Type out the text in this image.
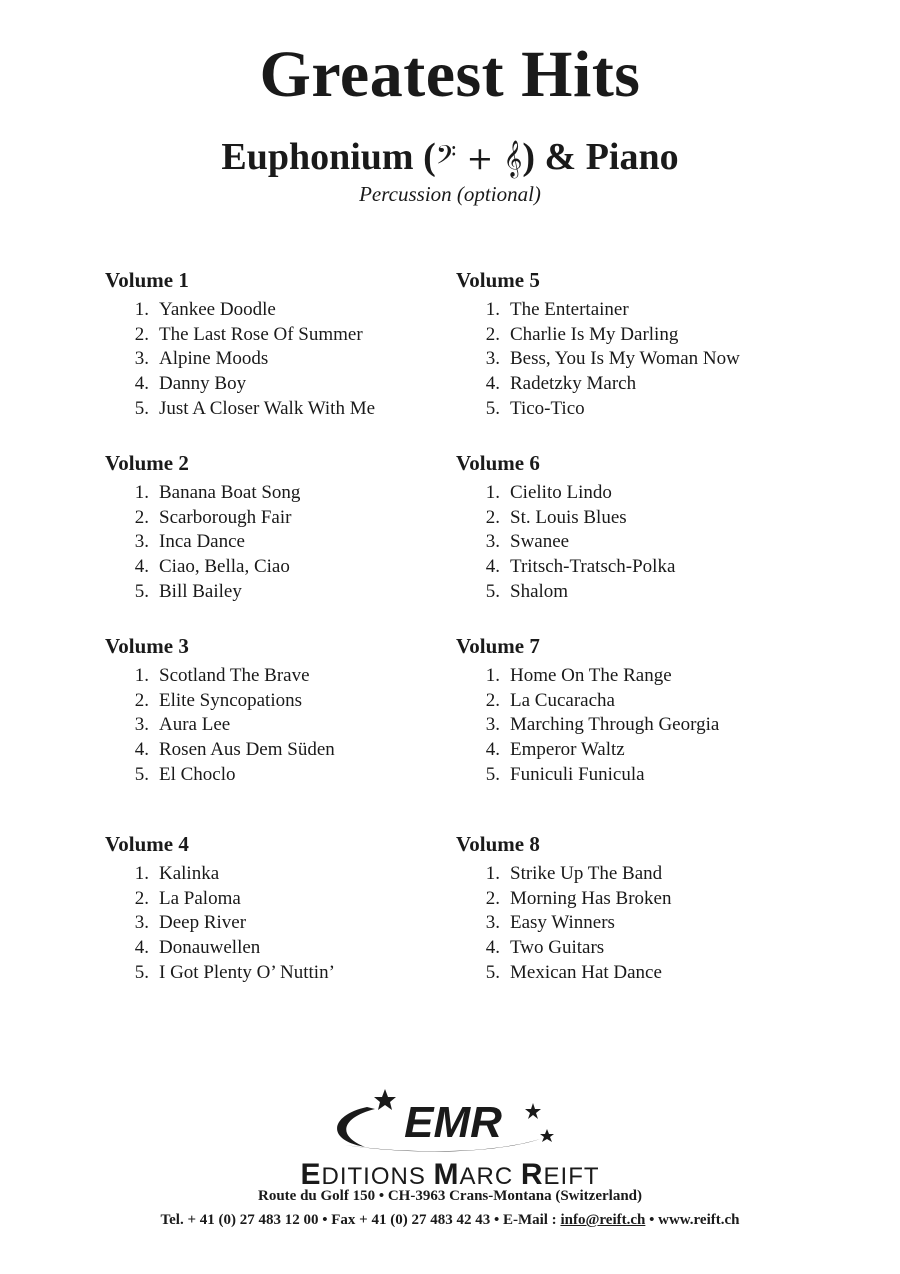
Greatest Hits
Euphonium (𝄢 + 𝄞) & Piano
Percussion (optional)
Volume 1
1. Yankee Doodle
2. The Last Rose Of Summer
3. Alpine Moods
4. Danny Boy
5. Just A Closer Walk With Me
Volume 2
1. Banana Boat Song
2. Scarborough Fair
3. Inca Dance
4. Ciao, Bella, Ciao
5. Bill Bailey
Volume 3
1. Scotland The Brave
2. Elite Syncopations
3. Aura Lee
4. Rosen Aus Dem Süden
5. El Choclo
Volume 4
1. Kalinka
2. La Paloma
3. Deep River
4. Donauwellen
5. I Got Plenty O’ Nuttin’
Volume 5
1. The Entertainer
2. Charlie Is My Darling
3. Bess, You Is My Woman Now
4. Radetzky March
5. Tico-Tico
Volume 6
1. Cielito Lindo
2. St. Louis Blues
3. Swanee
4. Tritsch-Tratsch-Polka
5. Shalom
Volume 7
1. Home On The Range
2. La Cucaracha
3. Marching Through Georgia
4. Emperor Waltz
5. Funiculi Funicula
Volume 8
1. Strike Up The Band
2. Morning Has Broken
3. Easy Winners
4. Two Guitars
5. Mexican Hat Dance
EMR
EDITIONS MARC REIFT
Route du Golf 150 • CH-3963 Crans-Montana (Switzerland)
Tel. + 41 (0) 27 483 12 00 • Fax + 41 (0) 27 483 42 43 • E-Mail : info@reift.ch • www.reift.ch
